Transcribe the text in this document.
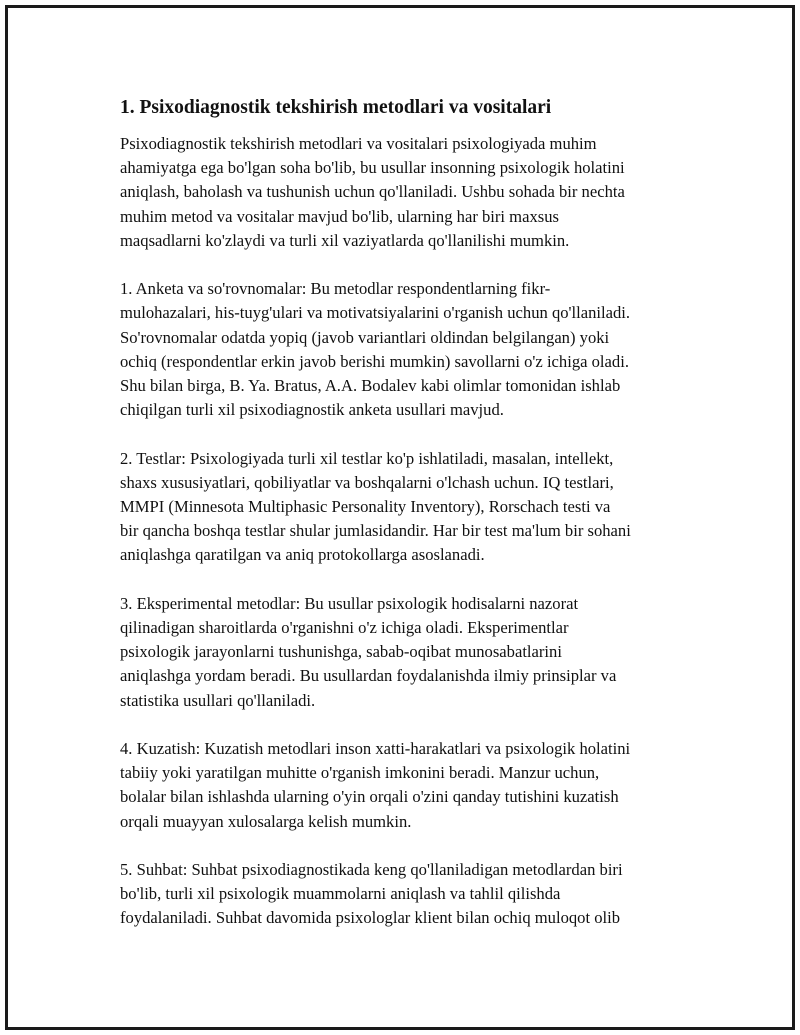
1. Psixodiagnostik tekshirish metodlari va vositalari

Psixodiagnostik tekshirish metodlari va vositalari psixologiyada muhim
ahamiyatga ega bo'lgan soha bo'lib, bu usullar insonning psixologik holatini
aniqlash, baholash va tushunish uchun qo'llaniladi. Ushbu sohada bir nechta
muhim metod va vositalar mavjud bo'lib, ularning har biri maxsus
maqsadlarni ko'zlaydi va turli xil vaziyatlarda qo'llanilishi mumkin.

1. Anketa va so'rovnomalar: Bu metodlar respondentlarning fikr-
mulohazalari, his-tuyg'ulari va motivatsiyalarini o'rganish uchun qo'llaniladi.
So'rovnomalar odatda yopiq (javob variantlari oldindan belgilangan) yoki
ochiq (respondentlar erkin javob berishi mumkin) savollarni o'z ichiga oladi.
Shu bilan birga, B. Ya. Bratus, A.A. Bodalev kabi olimlar tomonidan ishlab
chiqilgan turli xil psixodiagnostik anketa usullari mavjud.

2. Testlar: Psixologiyada turli xil testlar ko'p ishlatiladi, masalan, intellekt,
shaxs xususiyatlari, qobiliyatlar va boshqalarni o'lchash uchun. IQ testlari,
MMPI (Minnesota Multiphasic Personality Inventory), Rorschach testi va
bir qancha boshqa testlar shular jumlasidandir. Har bir test ma'lum bir sohani
aniqlashga qaratilgan va aniq protokollarga asoslanadi.

3. Eksperimental metodlar: Bu usullar psixologik hodisalarni nazorat
qilinadigan sharoitlarda o'rganishni o'z ichiga oladi. Eksperimentlar
psixologik jarayonlarni tushunishga, sabab-oqibat munosabatlarini
aniqlashga yordam beradi. Bu usullardan foydalanishda ilmiy prinsiplar va
statistika usullari qo'llaniladi.

4. Kuzatish: Kuzatish metodlari inson xatti-harakatlari va psixologik holatini
tabiiy yoki yaratilgan muhitte o'rganish imkonini beradi. Manzur uchun,
bolalar bilan ishlashda ularning o'yin orqali o'zini qanday tutishini kuzatish
orqali muayyan xulosalarga kelish mumkin.

5. Suhbat: Suhbat psixodiagnostikada keng qo'llaniladigan metodlardan biri
bo'lib, turli xil psixologik muammolarni aniqlash va tahlil qilishda
foydalaniladi. Suhbat davomida psixologlar klient bilan ochiq muloqot olib
